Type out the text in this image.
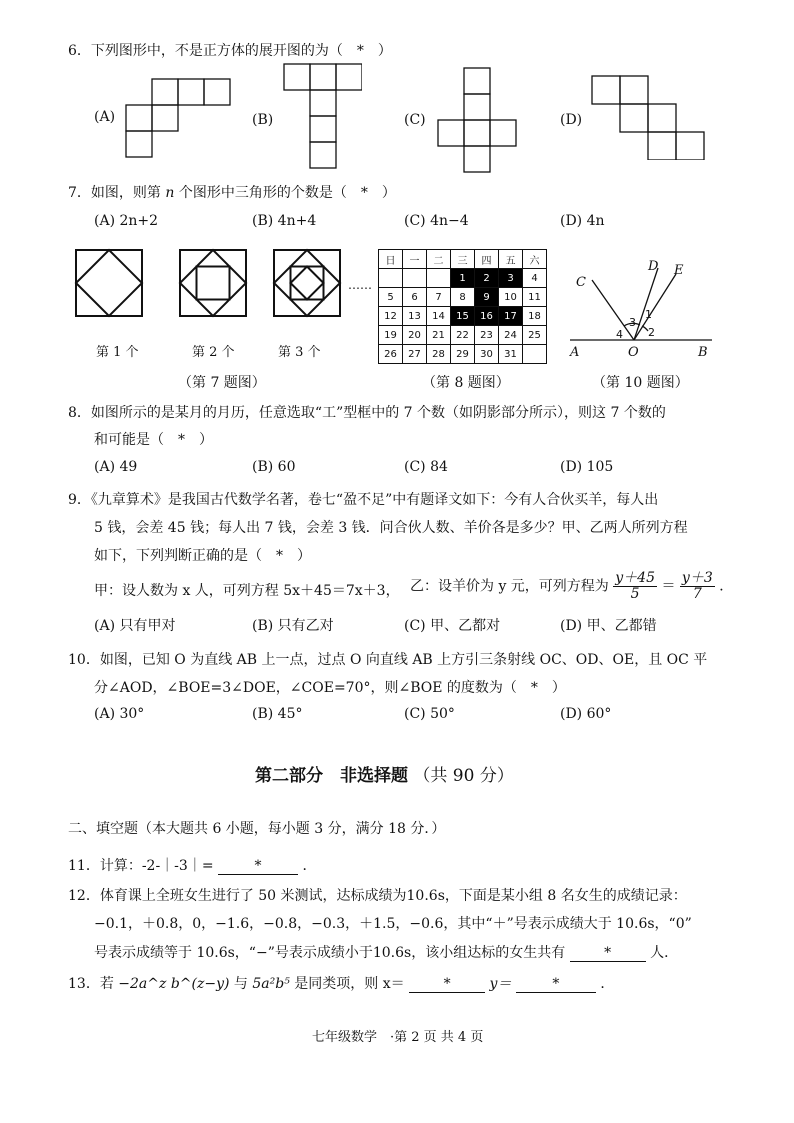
6．下列图形中，不是正方体的展开图的为（　*　）
(A)	(B)	(C)	(D)
7．如图，则第 n 个图形中三角形的个数是（　*　）
(A) 2n+2	(B) 4n+4	(C) 4n−4	(D) 4n
……
第 1 个	第 2 个	第 3 个
（第 7 题图）
日	一	二	三	四	五	六
			1	2	3	4
5	6	7	8	9	10	11
12	13	14	15	16	17	18
19	20	21	22	23	24	25
26	27	28	29	30	31	
（第 8 题图）
C
D E
A	O	B
1
2
3
4
（第 10 题图）
8．如图所示的是某月的月历，任意选取“工”型框中的 7 个数（如阴影部分所示），则这 7 个数的
和可能是（　*　）
(A) 49	(B) 60	(C) 84	(D) 105
9．《九章算术》是我国古代数学名著，卷七“盈不足”中有题译文如下：今有人合伙买羊，每人出
5 钱，会差 45 钱；每人出 7 钱，会差 3 钱．问合伙人数、羊价各是多少？甲、乙两人所列方程
如下，下列判断正确的是（　*　）
甲：设人数为 x 人，可列方程 5x＋45＝7x＋3， 乙：设羊价为 y 元，可列方程为 $\frac{y+45}{5} = \frac{y+3}{7}$ ．
(A) 只有甲对	(B) 只有乙对	(C) 甲、乙都对	(D) 甲、乙都错
10．如图，已知 O 为直线 AB 上一点，过点 O 向直线 AB 上方引三条射线 OC、OD、OE，且 OC 平
分∠AOD，∠BOE=3∠DOE，∠COE=70°，则∠BOE 的度数为（　*　）
(A) 30°	(B) 45°	(C) 50°	(D) 60°
第二部分　非选择题 （共 90 分）
二、填空题（本大题共 6 小题，每小题 3 分，满分 18 分．）
11．计算：-2-｜-3｜=	*	．
12．体育课上全班女生进行了 50 米测试，达标成绩为10.6s，下面是某小组 8 名女生的成绩记录：
−0.1，＋0.8，0，−1.6，−0.8，−0.3，＋1.5，−0.6，其中“＋”号表示成绩大于 10.6s，“0”
号表示成绩等于 10.6s，“−”号表示成绩小于10.6s，该小组达标的女生共有	*	人．
13．若 −2a^z b^(z−y) 与 5a²b⁵ 是同类项，则 x＝	*	y＝	*	．
七年级数学　·第 2 页 共 4 页
